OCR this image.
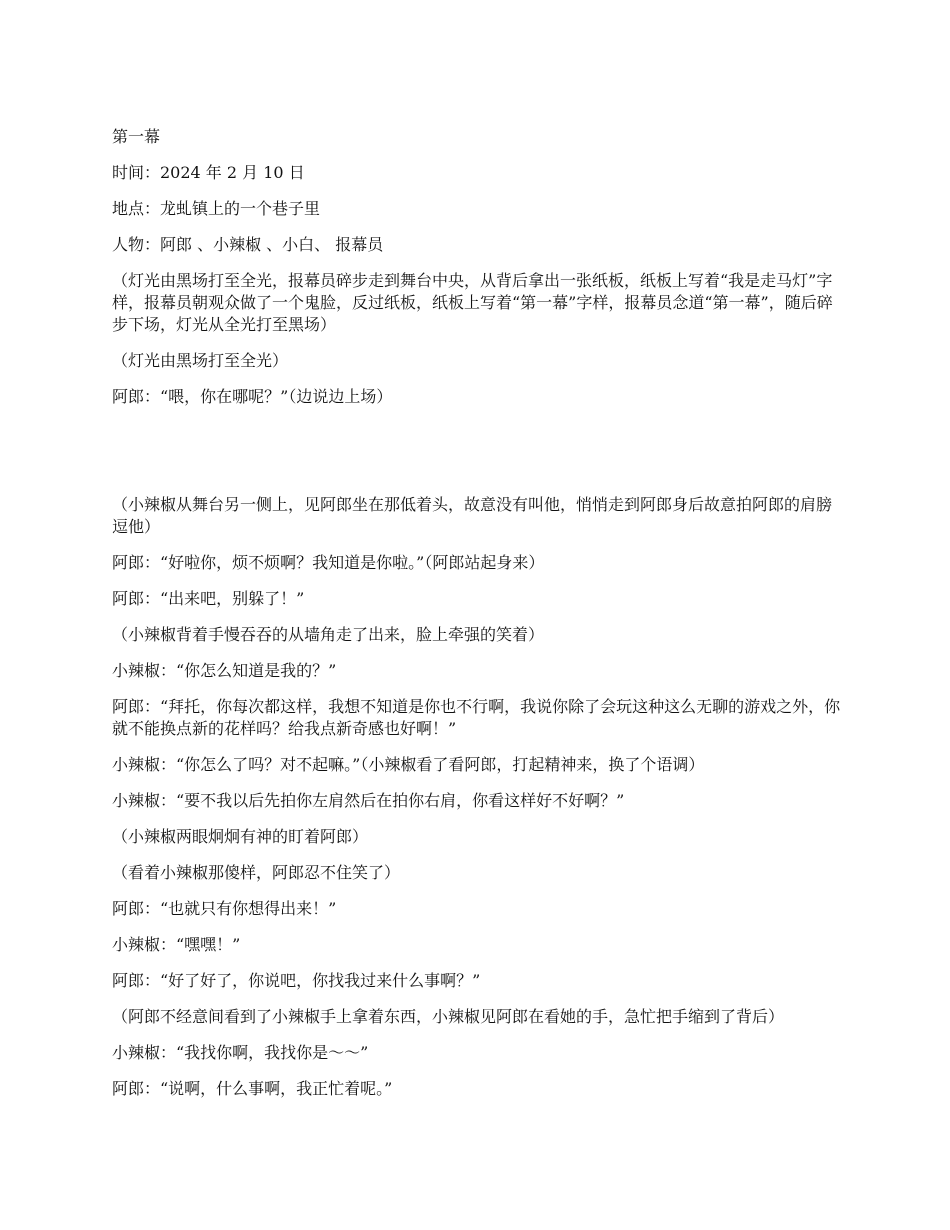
第一幕

时间：2024 年 2 月 10 日

地点：龙虬镇上的一个巷子里

人物：阿郎 、小辣椒 、小白、 报幕员

（灯光由黑场打至全光，报幕员碎步走到舞台中央，从背后拿出一张纸板，纸板上写着“我是走马灯”字样，报幕员朝观众做了一个鬼脸，反过纸板，纸板上写着“第一幕”字样，报幕员念道“第一幕”，随后碎步下场，灯光从全光打至黑场）

（灯光由黑场打至全光）

阿郎：“喂，你在哪呢？”（边说边上场）

（小辣椒从舞台另一侧上，见阿郎坐在那低着头，故意没有叫他，悄悄走到阿郎身后故意拍阿郎的肩膀逗他）

阿郎：“好啦你，烦不烦啊？我知道是你啦。”（阿郎站起身来）

阿郎：“出来吧，别躲了！”

（小辣椒背着手慢吞吞的从墙角走了出来，脸上牵强的笑着）

小辣椒：“你怎么知道是我的？”

阿郎：“拜托，你每次都这样，我想不知道是你也不行啊，我说你除了会玩这种这么无聊的游戏之外，你就不能换点新的花样吗？给我点新奇感也好啊！”

小辣椒：“你怎么了吗？对不起嘛。”（小辣椒看了看阿郎，打起精神来，换了个语调）

小辣椒：“要不我以后先拍你左肩然后在拍你右肩，你看这样好不好啊？”

（小辣椒两眼炯炯有神的盯着阿郎）

（看着小辣椒那傻样，阿郎忍不住笑了）

阿郎：“也就只有你想得出来！”

小辣椒：“嘿嘿！”

阿郎：“好了好了，你说吧，你找我过来什么事啊？”

（阿郎不经意间看到了小辣椒手上拿着东西，小辣椒见阿郎在看她的手，急忙把手缩到了背后）

小辣椒：“我找你啊，我找你是～～”

阿郎：“说啊，什么事啊，我正忙着呢。”
